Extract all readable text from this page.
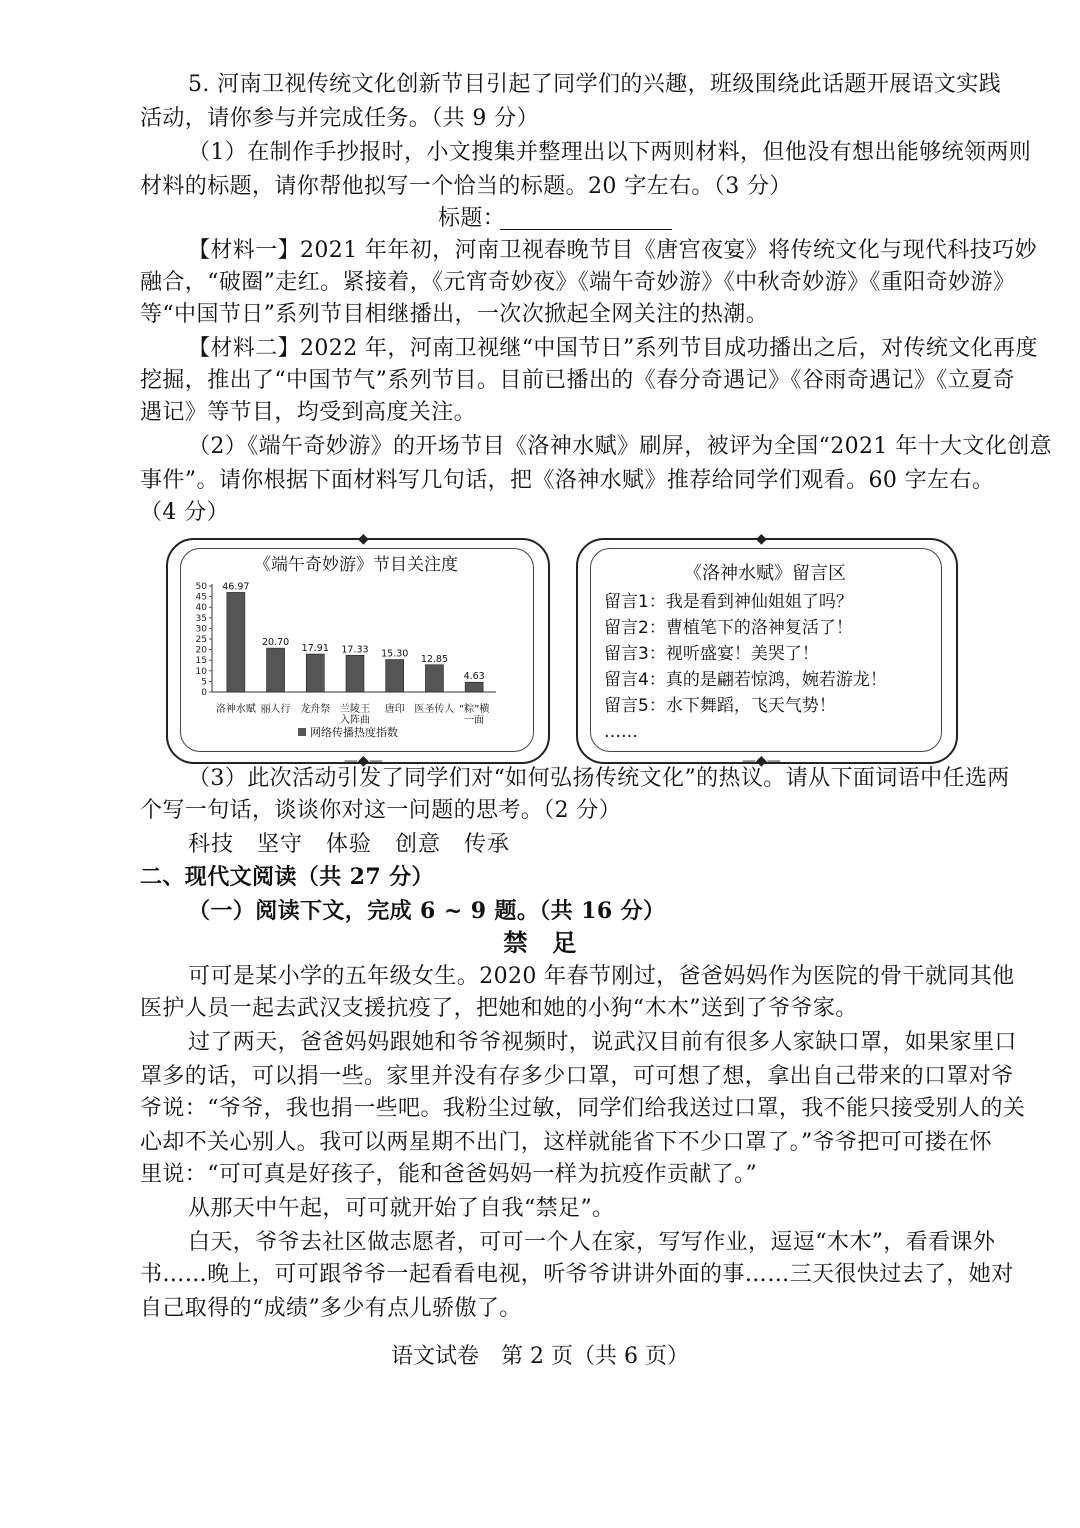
5. 河南卫视传统文化创新节目引起了同学们的兴趣，班级围绕此话题开展语文实践
活动，请你参与并完成任务。（共 9 分）
（1）在制作手抄报时，小文搜集并整理出以下两则材料，但他没有想出能够统领两则
材料的标题，请你帮他拟写一个恰当的标题。20 字左右。（3 分）
标题：
【材料一】2021 年年初，河南卫视春晚节目《唐宫夜宴》将传统文化与现代科技巧妙
融合，“破圈”走红。紧接着，《元宵奇妙夜》《端午奇妙游》《中秋奇妙游》《重阳奇妙游》
等“中国节日”系列节目相继播出，一次次掀起全网关注的热潮。
【材料二】2022 年，河南卫视继“中国节日”系列节目成功播出之后，对传统文化再度
挖掘，推出了“中国节气”系列节目。目前已播出的《春分奇遇记》《谷雨奇遇记》《立夏奇
遇记》等节目，均受到高度关注。
（2）《端午奇妙游》的开场节目《洛神水赋》刷屏，被评为全国“2021 年十大文化创意
事件”。请你根据下面材料写几句话，把《洛神水赋》推荐给同学们观看。60 字左右。
（4 分）
—◆—
—◆—
《端午奇妙游》节目关注度
0
5
10
15
20
25
30
35
40
45
50 46.97
洛神水赋
20.70
丽人行
17.91
龙舟祭
17.33
兰陵王
入阵曲
15.30
唐印
12.85
医圣传人
4.63
“粽”横
一面
网络传播热度指数
—◆—
—◆—
《洛神水赋》留言区
留言1：我是看到神仙姐姐了吗？
留言2：曹植笔下的洛神复活了！
留言3：视听盛宴！美哭了！
留言4：真的是翩若惊鸿，婉若游龙！
留言5：水下舞蹈，飞天气势！
……
（3）此次活动引发了同学们对“如何弘扬传统文化”的热议。请从下面词语中任选两
个写一句话，谈谈你对这一问题的思考。（2 分）
科技　坚守　体验　创意　传承
二、现代文阅读（共 27 分）
（一）阅读下文，完成 6 ~ 9 题。（共 16 分）
禁　足
可可是某小学的五年级女生。2020 年春节刚过，爸爸妈妈作为医院的骨干就同其他
医护人员一起去武汉支援抗疫了，把她和她的小狗“木木”送到了爷爷家。
过了两天，爸爸妈妈跟她和爷爷视频时，说武汉目前有很多人家缺口罩，如果家里口
罩多的话，可以捐一些。家里并没有存多少口罩，可可想了想，拿出自己带来的口罩对爷
爷说：“爷爷，我也捐一些吧。我粉尘过敏，同学们给我送过口罩，我不能只接受别人的关
心却不关心别人。我可以两星期不出门，这样就能省下不少口罩了。”爷爷把可可搂在怀
里说：“可可真是好孩子，能和爸爸妈妈一样为抗疫作贡献了。”
从那天中午起，可可就开始了自我“禁足”。
白天，爷爷去社区做志愿者，可可一个人在家，写写作业，逗逗“木木”，看看课外
书……晚上，可可跟爷爷一起看看电视，听爷爷讲讲外面的事……三天很快过去了，她对
自己取得的“成绩”多少有点儿骄傲了。
语文试卷　第 2 页（共 6 页）
